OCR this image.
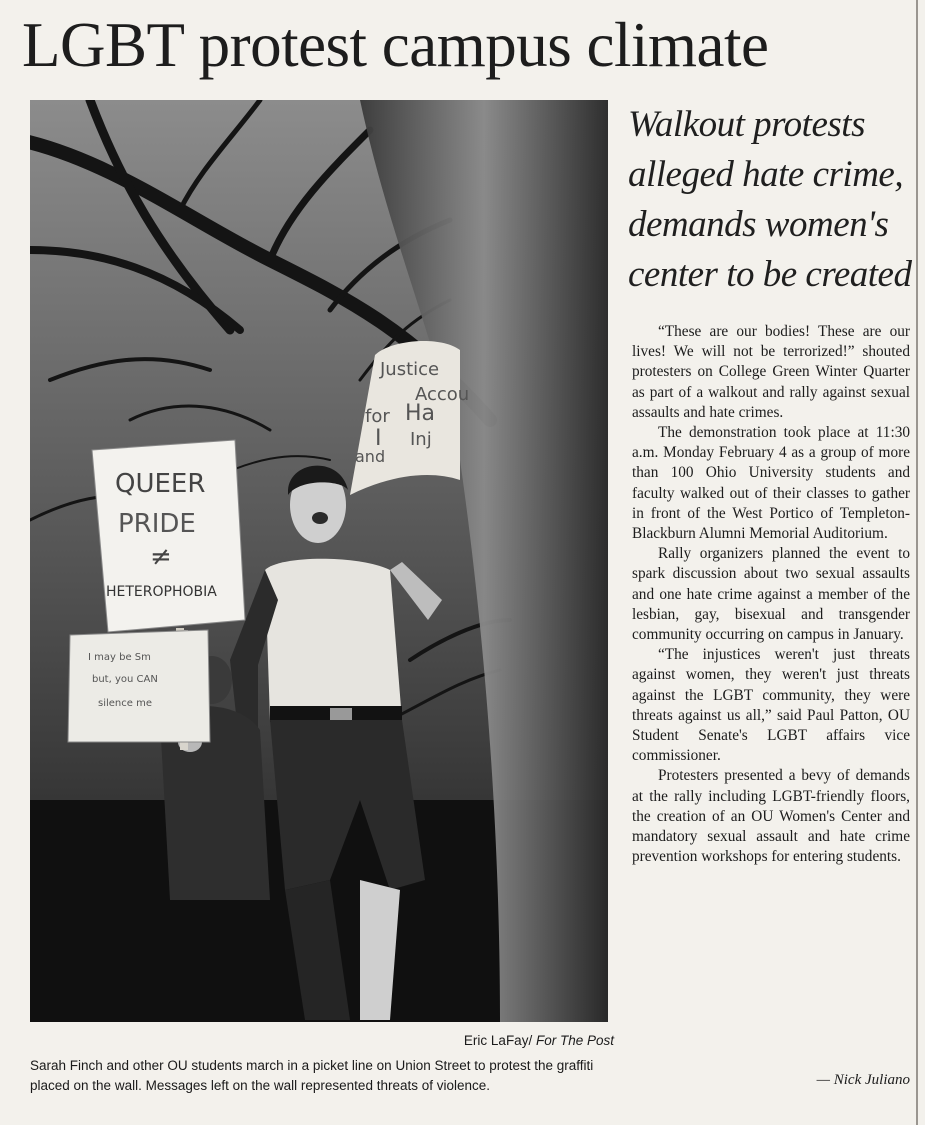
LGBT protest campus climate
Justice
Accou
for Ha
I
and
Inj
QUEER
PRIDE
≠
HETEROPHOBIA
I may be Sm
but, you CAN
silence me
Eric LaFay/ For The Post
Sarah Finch and other OU students march in a picket line on Union Street to protest the graffiti placed on the wall. Messages left on the wall represented threats of violence.
Walkout protests
alleged hate crime,
demands women's
center to be created

“These are our bodies! These are our lives! We will not be terrorized!” shouted protesters on College Green Winter Quarter as part of a walkout and rally against sexual assaults and hate crimes.

The demonstration took place at 11:30 a.m. Monday February 4 as a group of more than 100 Ohio University students and faculty walked out of their classes to gather in front of the West Portico of Templeton-Blackburn Alumni Memorial Auditorium.

Rally organizers planned the event to spark discussion about two sexual assaults and one hate crime against a member of the lesbian, gay, bisexual and transgender community occurring on campus in January.

“The injustices weren't just threats against women, they weren't just threats against the LGBT community, they were threats against us all,” said Paul Patton, OU Student Senate's LGBT affairs vice commissioner.

Protesters presented a bevy of demands at the rally including LGBT-friendly floors, the creation of an OU Women's Center and mandatory sexual assault and hate crime prevention workshops for entering students.

— Nick Juliano
